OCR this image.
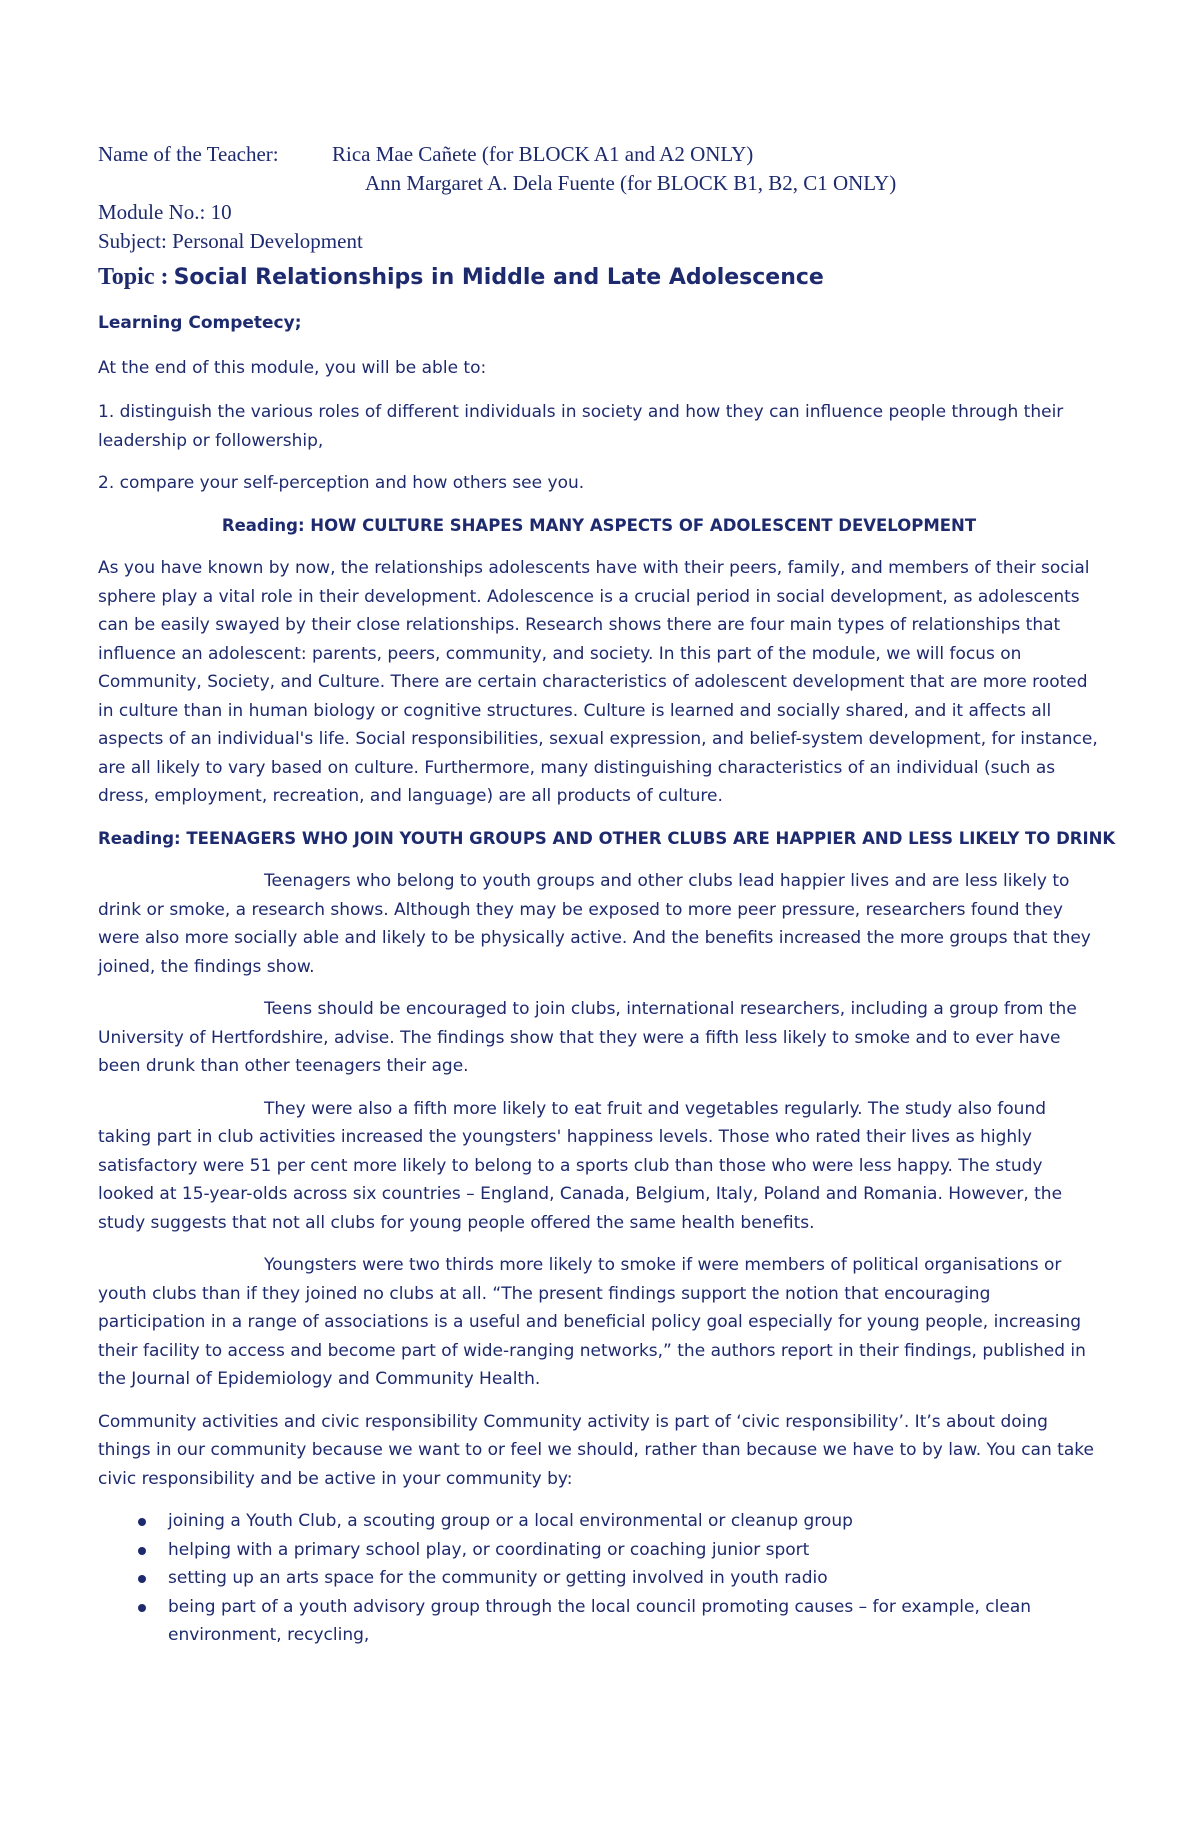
Name of the Teacher:	Rica Mae Cañete (for BLOCK A1 and A2 ONLY)
Ann Margaret A. Dela Fuente (for BLOCK B1, B2, C1 ONLY)
Module No.: 10
Subject: Personal Development
Topic : Social Relationships in Middle and Late Adolescence
Learning Competecy;

At the end of this module, you will be able to:

1. distinguish the various roles of different individuals in society and how they can influence people through their leadership or followership,

2. compare your self-perception and how others see you.

Reading: HOW CULTURE SHAPES MANY ASPECTS OF ADOLESCENT DEVELOPMENT

As you have known by now, the relationships adolescents have with their peers, family, and members of their social sphere play a vital role in their development. Adolescence is a crucial period in social development, as adolescents can be easily swayed by their close relationships. Research shows there are four main types of relationships that influence an adolescent: parents, peers, community, and society. In this part of the module, we will focus on Community, Society, and Culture. There are certain characteristics of adolescent development that are more rooted in culture than in human biology or cognitive structures. Culture is learned and socially shared, and it affects all aspects of an individual's life. Social responsibilities, sexual expression, and belief-system development, for instance, are all likely to vary based on culture. Furthermore, many distinguishing characteristics of an individual (such as dress, employment, recreation, and language) are all products of culture.

Reading: TEENAGERS WHO JOIN YOUTH GROUPS AND OTHER CLUBS ARE HAPPIER AND LESS LIKELY TO DRINK

Teenagers who belong to youth groups and other clubs lead happier lives and are less likely to drink or smoke, a research shows. Although they may be exposed to more peer pressure, researchers found they were also more socially able and likely to be physically active. And the benefits increased the more groups that they joined, the findings show.

Teens should be encouraged to join clubs, international researchers, including a group from the University of Hertfordshire, advise. The findings show that they were a fifth less likely to smoke and to ever have been drunk than other teenagers their age.

They were also a fifth more likely to eat fruit and vegetables regularly. The study also found taking part in club activities increased the youngsters' happiness levels. Those who rated their lives as highly satisfactory were 51 per cent more likely to belong to a sports club than those who were less happy. The study looked at 15-year-olds across six countries – England, Canada, Belgium, Italy, Poland and Romania. However, the study suggests that not all clubs for young people offered the same health benefits.

Youngsters were two thirds more likely to smoke if were members of political organisations or youth clubs than if they joined no clubs at all. “The present findings support the notion that encouraging participation in a range of associations is a useful and beneficial policy goal especially for young people, increasing their facility to access and become part of wide-ranging networks,” the authors report in their findings, published in the Journal of Epidemiology and Community Health.

Community activities and civic responsibility Community activity is part of ‘civic responsibility’. It’s about doing things in our community because we want to or feel we should, rather than because we have to by law. You can take civic responsibility and be active in your community by:

joining a Youth Club, a scouting group or a local environmental or cleanup group
helping with a primary school play, or coordinating or coaching junior sport
setting up an arts space for the community or getting involved in youth radio
being part of a youth advisory group through the local council promoting causes – for example, clean environment, recycling,
